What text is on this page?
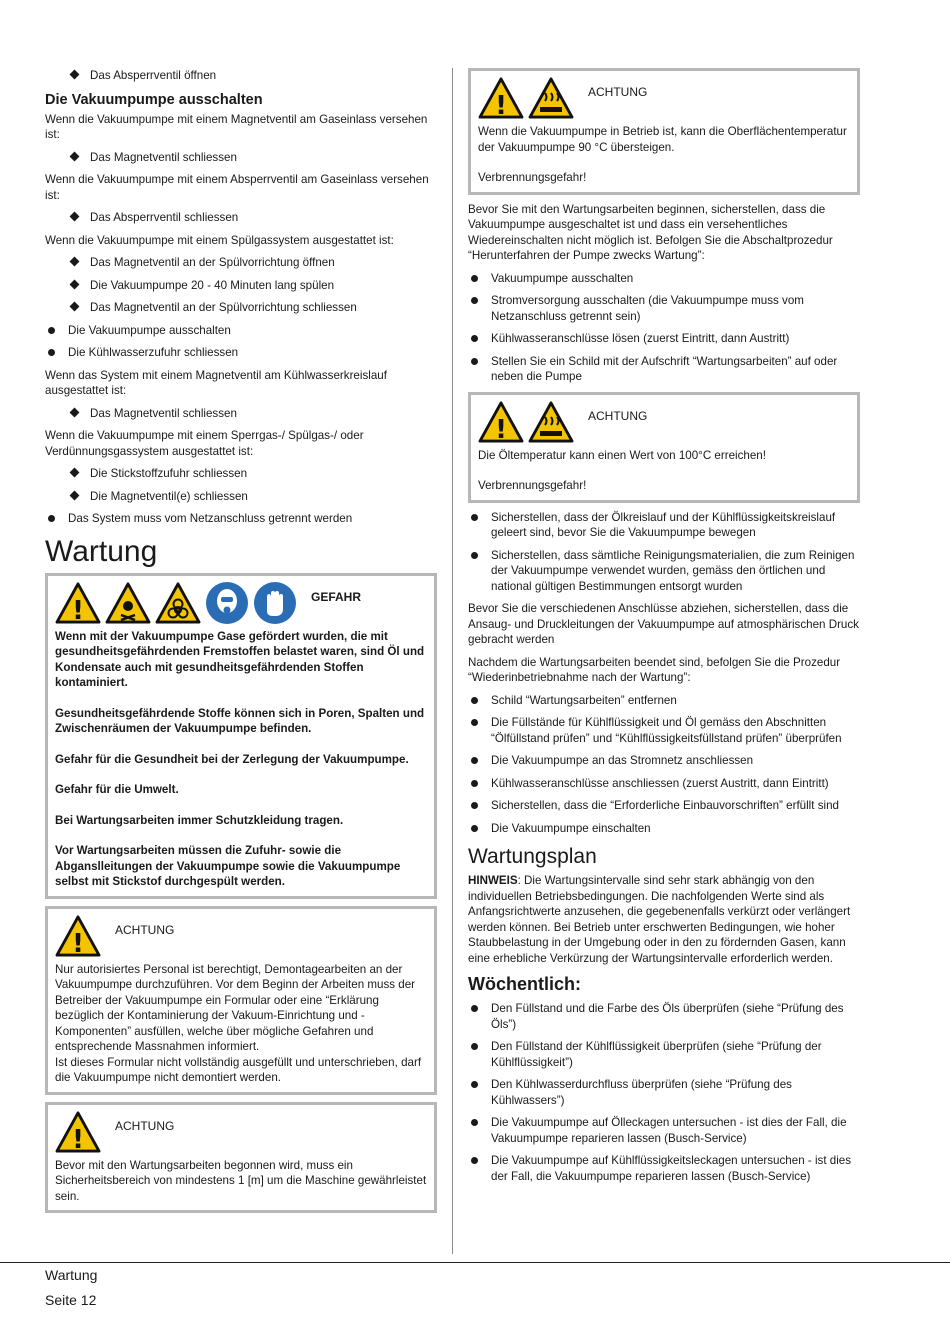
Das Absperrventil öffnen
Die Vakuumpumpe ausschalten

Wenn die Vakuumpumpe mit einem Magnetventil am Gaseinlass versehen ist:

Das Magnetventil schliessen

Wenn die Vakuumpumpe mit einem Absperrventil am Gaseinlass versehen ist:

Das Absperrventil schliessen

Wenn die Vakuumpumpe mit einem Spülgassystem ausgestattet ist:

Das Magnetventil an der Spülvorrichtung öffnen
Die Vakuumpumpe 20 - 40 Minuten lang spülen
Das Magnetventil an der Spülvorrichtung schliessen
Die Vakuumpumpe ausschalten
Die Kühlwasserzufuhr schliessen

Wenn das System mit einem Magnetventil am Kühlwasserkreislauf ausgestattet ist:

Das Magnetventil schliessen

Wenn die Vakuumpumpe mit einem Sperrgas-/ Spülgas-/ oder Verdünnungsgassystem ausgestattet ist:

Die Stickstoffzufuhr schliessen
Die Magnetventil(e) schliessen
Das System muss vom Netzanschluss getrennt werden
Wartung
!	GEFAHR

Wenn mit der Vakuumpumpe Gase gefördert wurden, die mit gesundheitsgefährdenden Fremstoffen belastet waren, sind Öl und Kondensate auch mit gesundheitsgefährdenden Stoffen kontaminiert.

Gesundheitsgefährdende Stoffe können sich in Poren, Spalten und Zwischenräumen der Vakuumpumpe befinden.

Gefahr für die Gesundheit bei der Zerlegung der Vakuumpumpe.

Gefahr für die Umwelt.

Bei Wartungsarbeiten immer Schutzkleidung tragen.

Vor Wartungsarbeiten müssen die Zufuhr- sowie die Abganslleitungen der Vakuumpumpe sowie die Vakuumpumpe selbst mit Stickstof durchgespült werden.

!	ACHTUNG
Nur autorisiertes Personal ist berechtigt, Demontagearbeiten an der Vakuumpumpe durchzuführen. Vor dem Beginn der Arbeiten muss der Betreiber der Vakuumpumpe ein Formular oder eine “Erklärung bezüglich der Kontaminierung der Vakuum-Einrichtung und -Komponenten” ausfüllen, welche über mögliche Gefahren und entsprechende Massnahmen informiert.
Ist dieses Formular nicht vollständig ausgefüllt und unterschrieben, darf die Vakuumpumpe nicht demontiert werden.
!	ACHTUNG
Bevor mit den Wartungsarbeiten begonnen wird, muss ein Sicherheitsbereich von mindestens 1 [m] um die Maschine gewährleistet sein.
!	ACHTUNG

Wenn die Vakuumpumpe in Betrieb ist, kann die Oberflächentemperatur der Vakuumpumpe 90 °C übersteigen.

Verbrennungsgefahr!

Bevor Sie mit den Wartungsarbeiten beginnen, sicherstellen, dass die Vakuumpumpe ausgeschaltet ist und dass ein versehentliches Wiedereinschalten nicht möglich ist. Befolgen Sie die Abschaltprozedur “Herunterfahren der Pumpe zwecks Wartung”:

Vakuumpumpe ausschalten
Stromversorgung ausschalten (die Vakuumpumpe muss vom Netzanschluss getrennt sein)
Kühlwasseranschlüsse lösen (zuerst Eintritt, dann Austritt)
Stellen Sie ein Schild mit der Aufschrift “Wartungsarbeiten” auf oder neben die Pumpe
!	ACHTUNG

Die Öltemperatur kann einen Wert von 100°C erreichen!

Verbrennungsgefahr!

Sicherstellen, dass der Ölkreislauf und der Kühlflüssigkeitskreislauf geleert sind, bevor Sie die Vakuumpumpe bewegen
Sicherstellen, dass sämtliche Reinigungsmaterialien, die zum Reinigen der Vakuumpumpe verwendet wurden, gemäss den örtlichen und national gültigen Bestimmungen entsorgt wurden

Bevor Sie die verschiedenen Anschlüsse abziehen, sicherstellen, dass die Ansaug- und Druckleitungen der Vakuumpumpe auf atmosphärischen Druck gebracht werden

Nachdem die Wartungsarbeiten beendet sind, befolgen Sie die Prozedur “Wiederinbetriebnahme nach der Wartung”:

Schild “Wartungsarbeiten” entfernen
Die Füllstände für Kühlflüssigkeit und Öl gemäss den Abschnitten “Ölfüllstand prüfen” und “Kühlflüssigkeitsfüllstand prüfen” überprüfen
Die Vakuumpumpe an das Stromnetz anschliessen
Kühlwasseranschlüsse anschliessen (zuerst Austritt, dann Eintritt)
Sicherstellen, dass die “Erforderliche Einbauvorschriften” erfüllt sind
Die Vakuumpumpe einschalten
Wartungsplan

HINWEIS: Die Wartungsintervalle sind sehr stark abhängig von den individuellen Betriebsbedingungen. Die nachfolgenden Werte sind als Anfangsrichtwerte anzusehen, die gegebenenfalls verkürzt oder verlängert werden können. Bei Betrieb unter erschwerten Bedingungen, wie hoher Staubbelastung in der Umgebung oder in den zu fördernden Gasen, kann eine erhebliche Verkürzung der Wartungsintervalle erforderlich werden.

Wöchentlich:
Den Füllstand und die Farbe des Öls überprüfen (siehe “Prüfung des Öls”)
Den Füllstand der Kühlflüssigkeit überprüfen (siehe “Prüfung der Kühlflüssigkeit”)
Den Kühlwasserdurchfluss überprüfen (siehe “Prüfung des Kühlwassers”)
Die Vakuumpumpe auf Ölleckagen untersuchen - ist dies der Fall, die Vakuumpumpe reparieren lassen (Busch-Service)
Die Vakuumpumpe auf Kühlflüssigkeitsleckagen untersuchen - ist dies der Fall, die Vakuumpumpe reparieren lassen (Busch-Service)
Wartung
Seite 12
